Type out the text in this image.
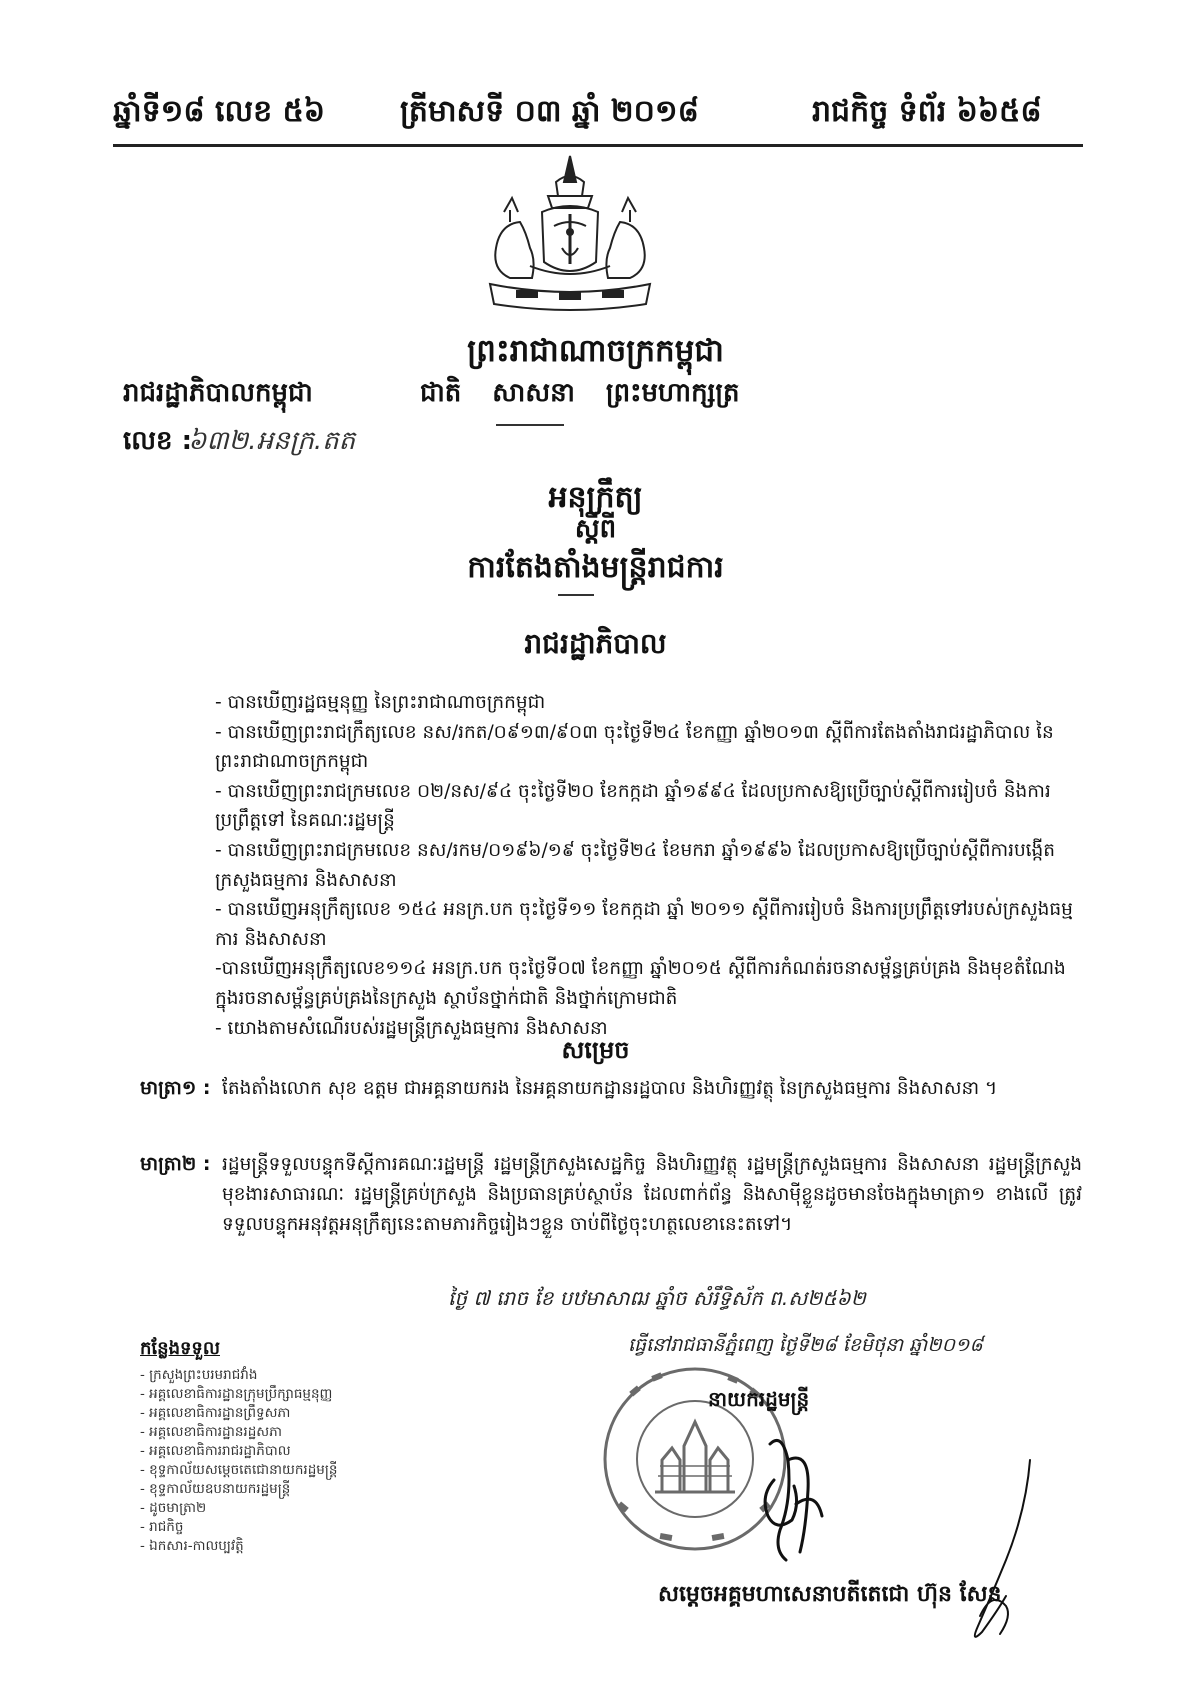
ឆ្នាំទី១៨ លេខ ៥៦ ត្រីមាសទី ០៣ ឆ្នាំ ២០១៨	រាជកិច្ច ទំព័រ ៦៦៥៨
ព្រះរាជាណាចក្រកម្ពុជា
រាជរដ្ឋាភិបាលកម្ពុជា	ជាតិ សាសនា ព្រះមហាក្សត្រ
លេខ :
៦៣២.អនក្រ.តត
អនុក្រឹត្យ
ស្តីពី
ការតែងតាំងមន្ត្រីរាជការ
រាជរដ្ឋាភិបាល

- បានឃើញរដ្ឋធម្មនុញ្ញ នៃព្រះរាជាណាចក្រកម្ពុជា

- បានឃើញព្រះរាជក្រឹត្យលេខ នស/រកត/០៩១៣/៩០៣ ចុះថ្ងៃទី២៤ ខែកញ្ញា ឆ្នាំ២០១៣ ស្តីពីការតែងតាំងរាជរដ្ឋាភិបាល នៃព្រះរាជាណាចក្រកម្ពុជា

- បានឃើញព្រះរាជក្រមលេខ ០២/នស/៩៤ ចុះថ្ងៃទី២០ ខែកក្កដា ឆ្នាំ១៩៩៤ ដែលប្រកាសឱ្យប្រើច្បាប់ស្តីពីការរៀបចំ និងការប្រព្រឹត្តទៅ នៃគណៈរដ្ឋមន្ត្រី

- បានឃើញព្រះរាជក្រមលេខ នស/រកម/០១៩៦/១៩ ចុះថ្ងៃទី២៤ ខែមករា ឆ្នាំ១៩៩៦ ដែលប្រកាសឱ្យប្រើច្បាប់ស្តីពីការបង្កើតក្រសួងធម្មការ និងសាសនា

- បានឃើញអនុក្រឹត្យលេខ ១៥៤ អនក្រ.បក ចុះថ្ងៃទី១១ ខែកក្កដា ឆ្នាំ ២០១១ ស្តីពីការរៀបចំ និងការប្រព្រឹត្តទៅរបស់ក្រសួងធម្មការ និងសាសនា

-បានឃើញអនុក្រឹត្យលេខ១១៤ អនក្រ.បក ចុះថ្ងៃទី០៧ ខែកញ្ញា ឆ្នាំ២០១៥ ស្តីពីការកំណត់រចនាសម្ព័ន្ធគ្រប់គ្រង និងមុខតំណែងក្នុងរចនាសម្ព័ន្ធគ្រប់គ្រងនៃក្រសួង ស្ថាប័នថ្នាក់ជាតិ និងថ្នាក់ក្រោមជាតិ

- យោងតាមសំណើរបស់រដ្ឋមន្ត្រីក្រសួងធម្មការ និងសាសនា

សម្រេច
មាត្រា១ : តែងតាំងលោក សុខ ឧត្តម ជាអគ្គនាយករង នៃអគ្គនាយកដ្ឋានរដ្ឋបាល និងហិរញ្ញវត្ថុ នៃក្រសួងធម្មការ និងសាសនា ។
មាត្រា២ : រដ្ឋមន្ត្រីទទួលបន្ទុកទីស្តីការគណៈរដ្ឋមន្ត្រី រដ្ឋមន្ត្រីក្រសួងសេដ្ឋកិច្ច និងហិរញ្ញវត្ថុ រដ្ឋមន្ត្រីក្រសួងធម្មការ និងសាសនា រដ្ឋមន្ត្រីក្រសួងមុខងារសាធារណៈ រដ្ឋមន្ត្រីគ្រប់ក្រសួង និងប្រធានគ្រប់ស្ថាប័ន ដែលពាក់ព័ន្ធ និងសាម៉ីខ្លួនដូចមានចែងក្នុងមាត្រា១ ខាងលើ ត្រូវទទួលបន្ទុកអនុវត្តអនុក្រឹត្យនេះតាមភារកិច្ចរៀងៗខ្លួន ចាប់ពីថ្ងៃចុះហត្ថលេខានេះតទៅ។
ថ្ងៃ ៧ រោច ខែ បឋមាសាឍ ឆ្នាំច សំរឹទ្ធិស័ក ព.ស២៥៦២
ធ្វើនៅរាជធានីភ្នំពេញ ថ្ងៃទី២៨ ខែមិថុនា ឆ្នាំ២០១៨
កន្លែងទទួល
- ក្រសួងព្រះបរមរាជវាំង
- អគ្គលេខាធិការដ្ឋានក្រុមប្រឹក្សាធម្មនុញ្ញ
- អគ្គលេខាធិការដ្ឋានព្រឹទ្ធសភា
- អគ្គលេខាធិការដ្ឋានរដ្ឋសភា
- អគ្គលេខាធិការរាជរដ្ឋាភិបាល
- ខុទ្ទកាល័យសម្តេចតេជោនាយករដ្ឋមន្ត្រី
- ខុទ្ទកាល័យឧបនាយករដ្ឋមន្ត្រី
- ដូចមាត្រា២
- រាជកិច្ច
- ឯកសារ-កាលប្បវត្តិ
នាយករដ្ឋមន្ត្រី
សម្តេចអគ្គមហាសេនាបតីតេជោ ហ៊ុន សែន
